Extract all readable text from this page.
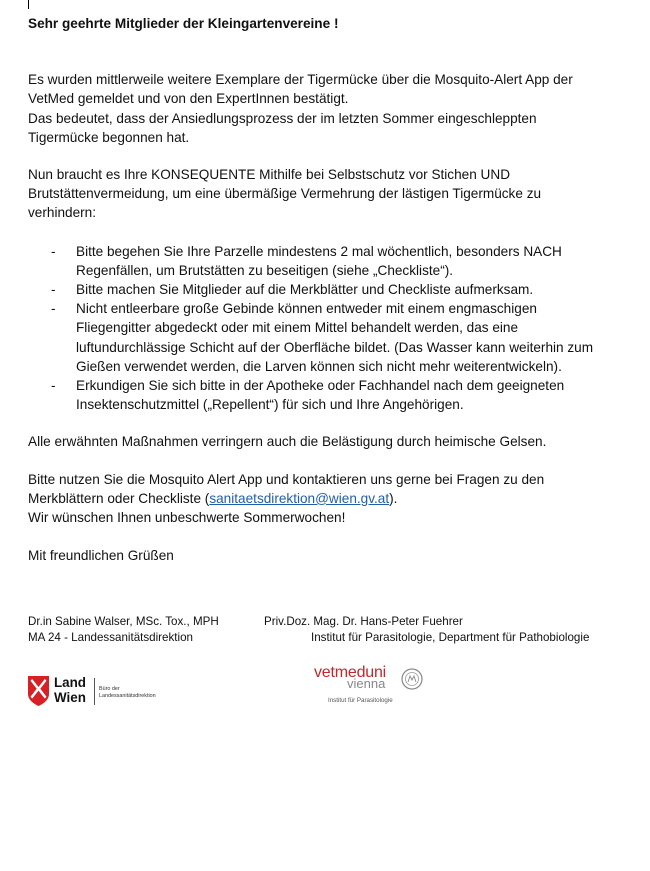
Sehr geehrte Mitglieder der Kleingartenvereine !

Es wurden mittlerweile weitere Exemplare der Tigermücke über die Mosquito-Alert App der
VetMed gemeldet und von den ExpertInnen bestätigt.
Das bedeutet, dass der Ansiedlungsprozess der im letzten Sommer eingeschleppten
Tigermücke begonnen hat.

Nun braucht es Ihre KONSEQUENTE Mithilfe bei Selbstschutz vor Stichen UND
Brutstättenvermeidung, um eine übermäßige Vermehrung der lästigen Tigermücke zu
verhindern:

- Bitte begehen Sie Ihre Parzelle mindestens 2 mal wöchentlich, besonders NACH
Regenfällen, um Brutstätten zu beseitigen (siehe „Checkliste“).
- Bitte machen Sie Mitglieder auf die Merkblätter und Checkliste aufmerksam.
- Nicht entleerbare große Gebinde können entweder mit einem engmaschigen
Fliegengitter abgedeckt oder mit einem Mittel behandelt werden, das eine
luftundurchlässige Schicht auf der Oberfläche bildet. (Das Wasser kann weiterhin zum
Gießen verwendet werden, die Larven können sich nicht mehr weiterentwickeln).
- Erkundigen Sie sich bitte in der Apotheke oder Fachhandel nach dem geeigneten
Insektenschutzmittel („Repellent“) für sich und Ihre Angehörigen.

Alle erwähnten Maßnahmen verringern auch die Belästigung durch heimische Gelsen.

Bitte nutzen Sie die Mosquito Alert App und kontaktieren uns gerne bei Fragen zu den
Merkblättern oder Checkliste (sanitaetsdirektion@wien.gv.at).
Wir wünschen Ihnen unbeschwerte Sommerwochen!

Mit freundlichen Grüßen

Dr.in Sabine Walser, MSc. Tox., MPH	Priv.Doz. Mag. Dr. Hans-Peter Fuehrer
MA 24 - Landessanitätsdirektion	Institut für Parasitologie, Department für Pathobiologie
Land
Wien
Büro der
Landessanitätsdirektion
vetmeduni
vienna
Institut für Parasitologie
